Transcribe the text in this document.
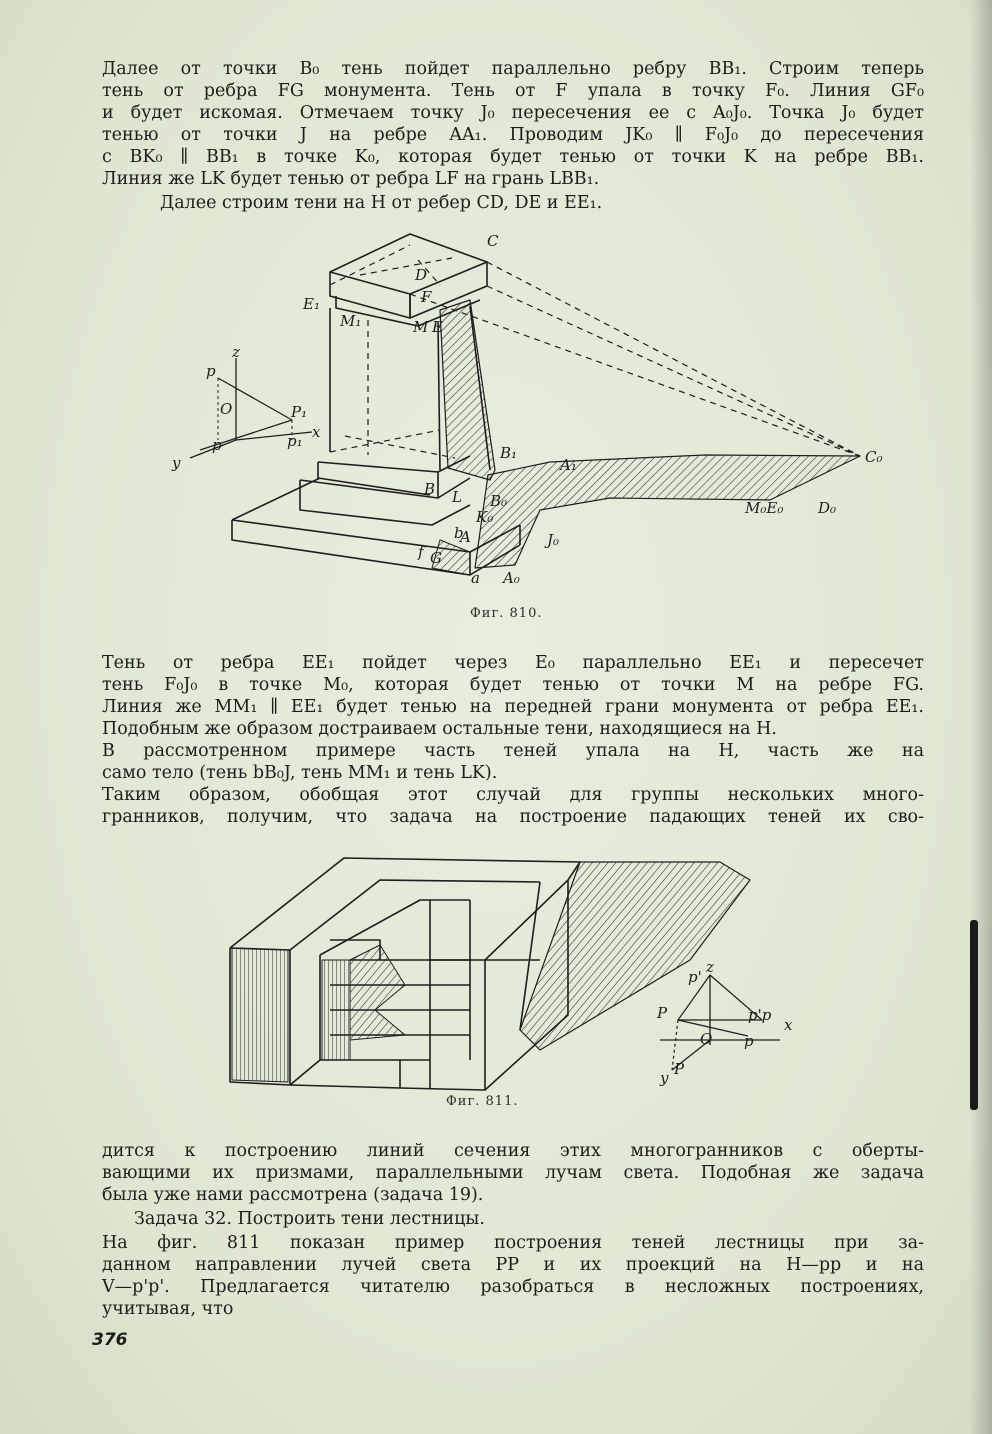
Далее от точки B₀ тень пойдет параллельно ребру BB₁. Строим теперь
тень от ребра FG монумента. Тень от F упала в точку F₀. Линия GF₀
и будет искомая. Отмечаем точку J₀ пересечения ее с A₀J₀. Точка J₀ будет
тенью от точки J на ребре AA₁. Проводим JK₀ ∥ F₀J₀ до пересечения
с BK₀ ∥ BB₁ в точке K₀, которая будет тенью от точки K на ребре BB₁.
Линия же LK будет тенью от ребра LF на грань LBB₁.
Далее строим тени на H от ребер CD, DE и EE₁.
C
D
F
E₁
M₁	M E
z
p
O	P₁
p₁ x
y
p	B₁
A₁	C₀
B L
K₀
B₀
b
A
f G
J₀
a A₀
M₀E₀ D₀
Фиг. 810.
Тень от ребра EE₁ пойдет через E₀ параллельно EE₁ и пересечет
тень F₀J₀ в точке M₀, которая будет тенью от точки M на ребре FG.
Линия же MM₁ ∥ EE₁ будет тенью на передней грани монумента от ребра EE₁.
Подобным же образом достраиваем остальные тени, находящиеся на H.
В рассмотренном примере часть теней упала на H, часть же на
само тело (тень bB₀J, тень MM₁ и тень LK).
Таким образом, обобщая этот случай для группы нескольких много-
гранников, получим, что задача на построение падающих теней их сво-
p'
z
P	p'p
x
O p
y P
Фиг. 811.
дится к построению линий сечения этих многогранников с оберты-
вающими их призмами, параллельными лучам света. Подобная же задача
была уже нами рассмотрена (задача 19).
Задача 32. Построить тени лестницы.
На фиг. 811 показан пример построения теней лестницы при за-
данном направлении лучей света PP и их проекций на H—pp и на
V—p'p'. Предлагается читателю разобраться в несложных построениях,
учитывая, что
376
